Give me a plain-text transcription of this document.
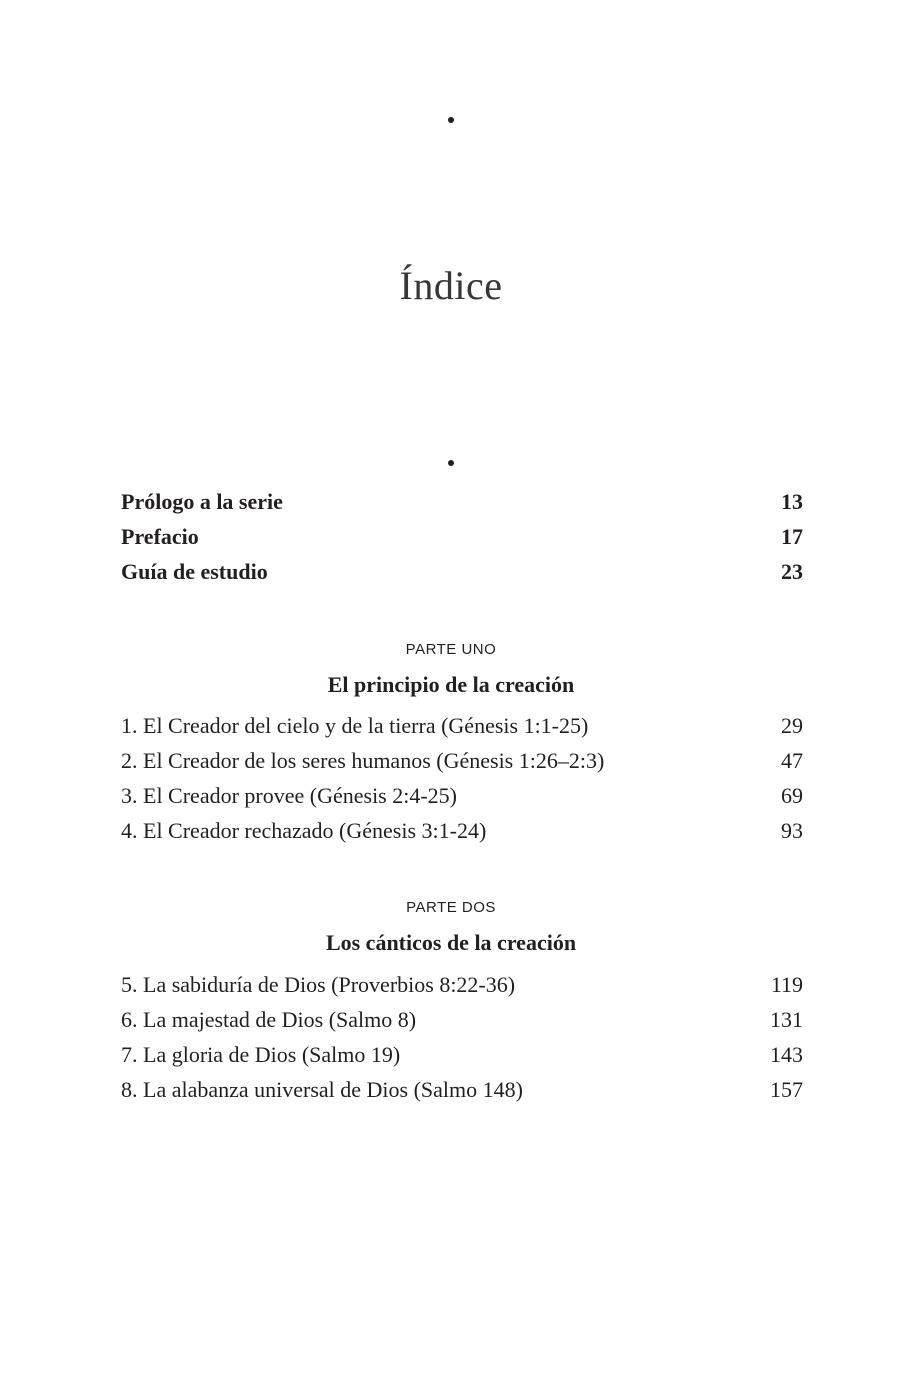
Índice
Prólogo a la serie	13
Prefacio	17
Guía de estudio	23
PARTE UNO
El principio de la creación
1. El Creador del cielo y de la tierra (Génesis 1:1-25)	29
2. El Creador de los seres humanos (Génesis 1:26–2:3)	47
3. El Creador provee (Génesis 2:4-25)	69
4. El Creador rechazado (Génesis 3:1-24)	93
PARTE DOS
Los cánticos de la creación
5. La sabiduría de Dios (Proverbios 8:22-36)	119
6. La majestad de Dios (Salmo 8)	131
7. La gloria de Dios (Salmo 19)	143
8. La alabanza universal de Dios (Salmo 148)	157
